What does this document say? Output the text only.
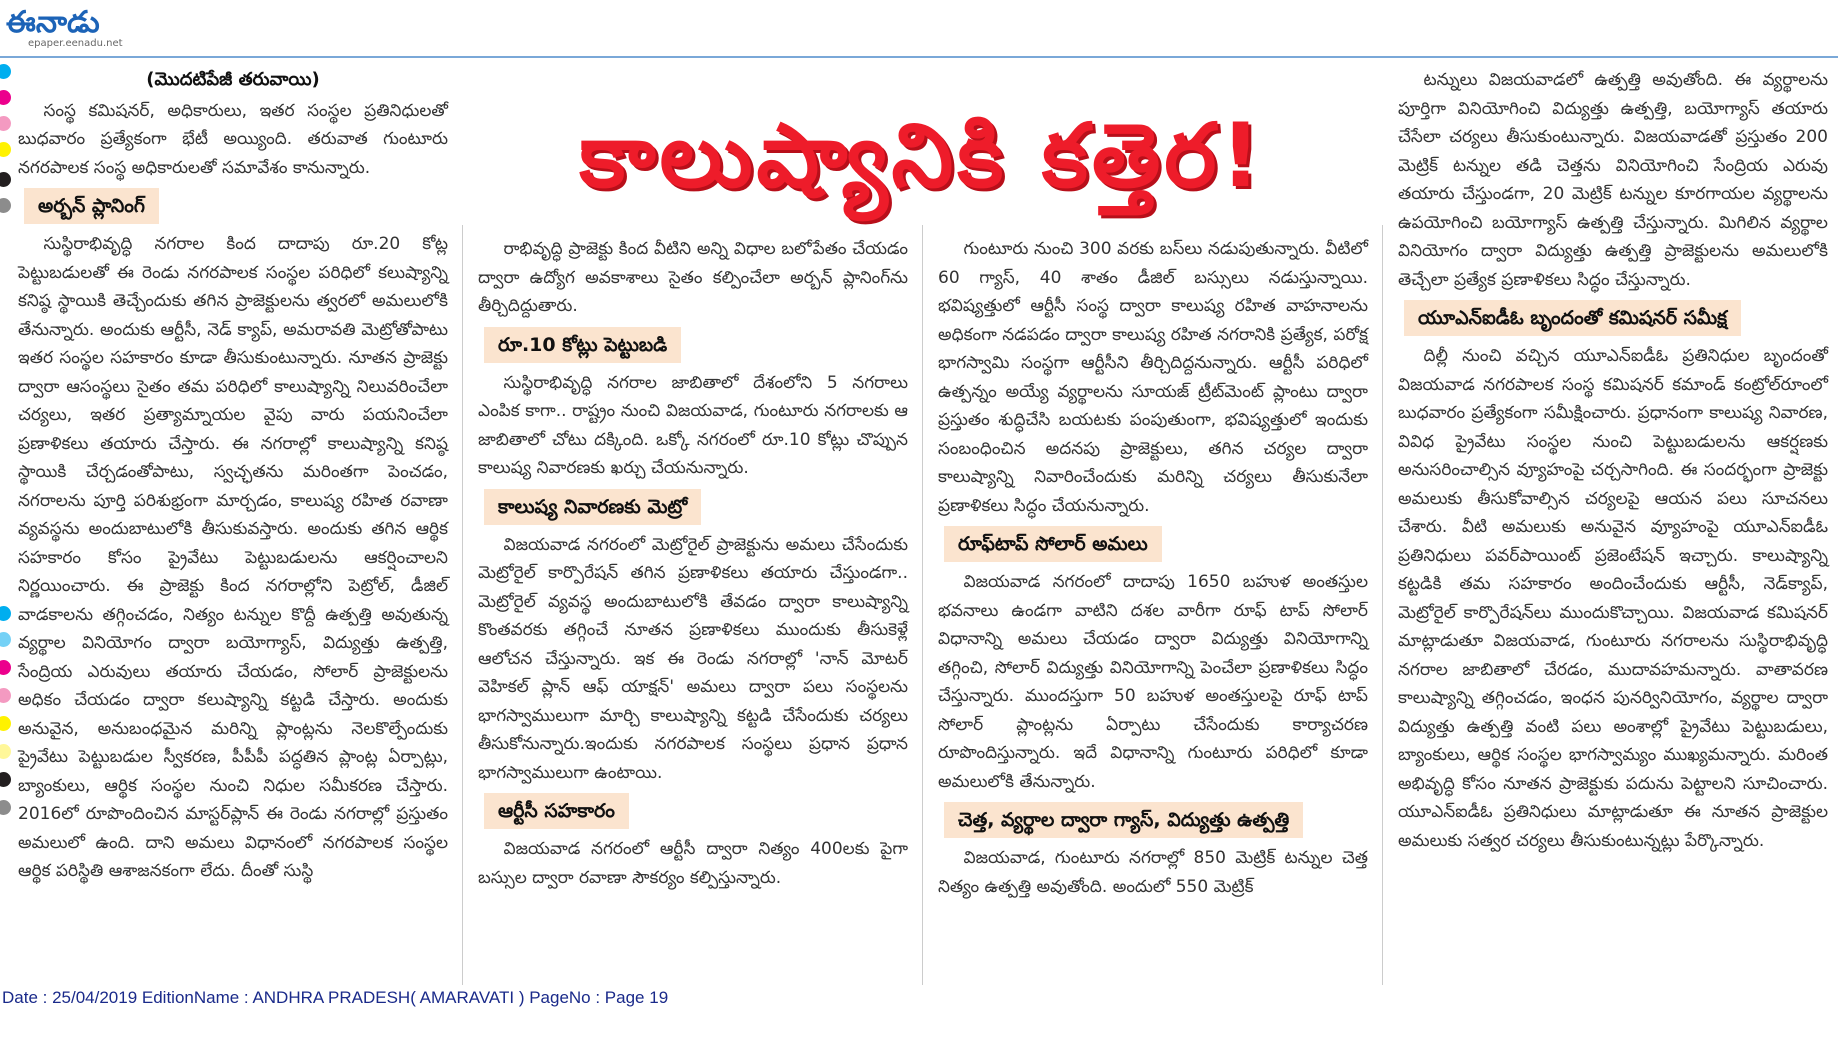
ఈనాడు
epaper.eenadu.net
కాలుష్యానికి కత్తెర!
(మొదటిపేజీ తరువాయి)

సంస్థ కమిషనర్, అధికారులు, ఇతర సంస్థల ప్రతినిధులతో బుధవారం ప్రత్యేకంగా భేటీ అయ్యింది. తరువాత గుంటూరు నగరపాలక సంస్థ అధికారులతో సమావేశం కానున్నారు.

అర్బన్ ప్లానింగ్

సుస్థిరాభివృద్ధి నగరాల కింద దాదాపు రూ.20 కోట్ల పెట్టుబడులతో ఈ రెండు నగరపాలక సంస్థల పరిధిలో కలుష్యాన్ని కనిష్ఠ స్థాయికి తెచ్చేందుకు తగిన ప్రాజెక్టులను త్వరలో అమలులోకి తేనున్నారు. అందుకు ఆర్టీసీ, నెడ్ క్యాప్, అమరావతి మెట్రోతోపాటు ఇతర సంస్థల సహకారం కూడా తీసుకుంటున్నారు. నూతన ప్రాజెక్టు ద్వారా ఆసంస్థలు సైతం తమ పరిధిలో కాలుష్యాన్ని నిలువరించేలా చర్యలు, ఇతర ప్రత్యామ్నాయల వైపు వారు పయనించేలా ప్రణాళికలు తయారు చేస్తారు. ఈ నగరాల్లో కాలుష్యాన్ని కనిష్ఠ స్థాయికి చేర్చడంతోపాటు, స్వచ్ఛతను మరింతగా పెంచడం, నగరాలను పూర్తి పరిశుభ్రంగా మార్చడం, కాలుష్య రహిత రవాణా వ్యవస్థను అందుబాటులోకి తీసుకువస్తారు. అందుకు తగిన ఆర్థిక సహకారం కోసం ప్రైవేటు పెట్టుబడులను ఆకర్షించాలని నిర్ణయించారు. ఈ ప్రాజెక్టు కింద నగరాల్లోని పెట్రోల్, డీజిల్ వాడకాలను తగ్గించడం, నిత్యం టన్నుల కొద్దీ ఉత్పత్తి అవుతున్న వ్యర్థాల వినియోగం ద్వారా బయోగ్యాస్, విద్యుత్తు ఉత్పత్తి, సేంద్రియ ఎరువులు తయారు చేయడం, సోలార్ ప్రాజెక్టులను అధికం చేయడం ద్వారా కలుష్యాన్ని కట్టడి చేస్తారు. అందుకు అనువైన, అనుబంధమైన మరిన్ని ప్లాంట్లను నెలకొల్పేందుకు ప్రైవేటు పెట్టుబడుల స్వీకరణ, పీపీపీ పద్ధతిన ప్లాంట్ల ఏర్పాట్లు, బ్యాంకులు, ఆర్థిక సంస్థల నుంచి నిధుల సమీకరణ చేస్తారు. 2016లో రూపొందించిన మాస్టర్‌ప్లాన్ ఈ రెండు నగరాల్లో ప్రస్తుతం అమలులో ఉంది. దాని అమలు విధానంలో నగరపాలక సంస్థల ఆర్థిక పరిస్థితి ఆశాజనకంగా లేదు. దీంతో సుస్థి

రాభివృద్ధి ప్రాజెక్టు కింద వీటిని అన్ని విధాల బలోపేతం చేయడం ద్వారా ఉద్యోగ అవకాశాలు సైతం కల్పించేలా అర్బన్ ప్లానింగ్‌ను తీర్చిదిద్దుతారు.

రూ.10 కోట్లు పెట్టుబడి

సుస్థిరాభివృద్ధి నగరాల జాబితాలో దేశంలోని 5 నగరాలు ఎంపిక కాగా.. రాష్ట్రం నుంచి విజయవాడ, గుంటూరు నగరాలకు ఆ జాబితాలో చోటు దక్కింది. ఒక్కో నగరంలో రూ.10 కోట్లు చొప్పున కాలుష్య నివారణకు ఖర్చు చేయనున్నారు.

కాలుష్య నివారణకు మెట్రో

విజయవాడ నగరంలో మెట్రోరైల్ ప్రాజెక్టును అమలు చేసేందుకు మెట్రోరైల్ కార్పొరేషన్ తగిన ప్రణాళికలు తయారు చేస్తుండగా.. మెట్రోరైల్ వ్యవస్థ అందుబాటులోకి తేవడం ద్వారా కాలుష్యాన్ని కొంతవరకు తగ్గించే నూతన ప్రణాళికలు ముందుకు తీసుకెళ్లే ఆలోచన చేస్తున్నారు. ఇక ఈ రెండు నగరాల్లో 'నాన్ మోటర్ వెహికల్ ప్లాన్ ఆఫ్ యాక్షన్' అమలు ద్వారా పలు సంస్థలను భాగస్వాములుగా మార్చి కాలుష్యాన్ని కట్టడి చేసేందుకు చర్యలు తీసుకోనున్నారు.ఇందుకు నగరపాలక సంస్థలు ప్రధాన ప్రధాన భాగస్వాములుగా ఉంటాయి.

ఆర్టీసీ సహకారం

విజయవాడ నగరంలో ఆర్టీసీ ద్వారా నిత్యం 400లకు పైగా బస్సుల ద్వారా రవాణా సౌకర్యం కల్పిస్తున్నారు.

గుంటూరు నుంచి 300 వరకు బస్‌లు నడుపుతున్నారు. వీటిలో 60 గ్యాస్, 40 శాతం డీజిల్ బస్సులు నడుస్తున్నాయి. భవిష్యత్తులో ఆర్టీసీ సంస్థ ద్వారా కాలుష్య రహిత వాహనాలను అధికంగా నడపడం ద్వారా కాలుష్య రహిత నగరానికి ప్రత్యేక, పరోక్ష భాగస్వామి సంస్థగా ఆర్టీసీని తీర్చిదిద్దనున్నారు. ఆర్టీసీ పరిధిలో ఉత్పన్నం అయ్యే వ్యర్థాలను సూయజ్ ట్రీట్‌మెంట్ ప్లాంటు ద్వారా ప్రస్తుతం శుద్ధిచేసి బయటకు పంపుతుంగా, భవిష్యత్తులో ఇందుకు సంబంధించిన అదనపు ప్రాజెక్టులు, తగిన చర్యల ద్వారా కాలుష్యాన్ని నివారించేందుకు మరిన్ని చర్యలు తీసుకునేలా ప్రణాళికలు సిద్ధం చేయనున్నారు.

రూఫ్‌టాప్ సోలార్ అమలు

విజయవాడ నగరంలో దాదాపు 1650 బహుళ అంతస్తుల భవనాలు ఉండగా వాటిని దశల వారీగా రూఫ్ టాప్ సోలార్ విధానాన్ని అమలు చేయడం ద్వారా విద్యుత్తు వినియోగాన్ని తగ్గించి, సోలార్ విద్యుత్తు వినియోగాన్ని పెంచేలా ప్రణాళికలు సిద్ధం చేస్తున్నారు. ముందస్తుగా 50 బహుళ అంతస్తులపై రూఫ్ టాప్ సోలార్ ప్లాంట్లను ఏర్పాటు చేసేందుకు కార్యాచరణ రూపొందిస్తున్నారు. ఇదే విధానాన్ని గుంటూరు పరిధిలో కూడా అమలులోకి తేనున్నారు.

చెత్త, వ్యర్థాల ద్వారా గ్యాస్, విద్యుత్తు ఉత్పత్తి

విజయవాడ, గుంటూరు నగరాల్లో 850 మెట్రిక్ టన్నుల చెత్త నిత్యం ఉత్పత్తి అవుతోంది. అందులో 550 మెట్రిక్

టన్నులు విజయవాడలో ఉత్పత్తి అవుతోంది. ఈ వ్యర్థాలను పూర్తిగా వినియోగించి విద్యుత్తు ఉత్పత్తి, బయోగ్యాస్ తయారు చేసేలా చర్యలు తీసుకుంటున్నారు. విజయవాడతో ప్రస్తుతం 200 మెట్రిక్ టన్నుల తడి చెత్తను వినియోగించి సేంద్రియ ఎరువు తయారు చేస్తుండగా, 20 మెట్రిక్ టన్నుల కూరగాయల వ్యర్థాలను ఉపయోగించి బయోగ్యాస్ ఉత్పత్తి చేస్తున్నారు. మిగిలిన వ్యర్థాల వినియోగం ద్వారా విద్యుత్తు ఉత్పత్తి ప్రాజెక్టులను అమలులోకి తెచ్చేలా ప్రత్యేక ప్రణాళికలు సిద్ధం చేస్తున్నారు.

యూఎన్‌ఐడీఓ బృందంతో కమిషనర్ సమీక్ష

దిల్లీ నుంచి వచ్చిన యూఎన్‌ఐడీఓ ప్రతినిధుల బృందంతో విజయవాడ నగరపాలక సంస్థ కమిషనర్ కమాండ్ కంట్రోల్‌రూంలో బుధవారం ప్రత్యేకంగా సమీక్షించారు. ప్రధానంగా కాలుష్య నివారణ, వివిధ ప్రైవేటు సంస్థల నుంచి పెట్టుబడులను ఆకర్షణకు అనుసరించాల్సిన వ్యూహంపై చర్చసాగింది. ఈ సందర్భంగా ప్రాజెక్టు అమలుకు తీసుకోవాల్సిన చర్యలపై ఆయన పలు సూచనలు చేశారు. వీటి అమలుకు అనువైన వ్యూహంపై యూఎన్‌ఐడీఓ ప్రతినిధులు పవర్‌పాయింట్ ప్రజెంటేషన్ ఇచ్చారు. కాలుష్యాన్ని కట్టడికి తమ సహకారం అందించేందుకు ఆర్టీసీ, నెడ్‌క్యాప్, మెట్రోరైల్ కార్పొరేషన్‌లు ముందుకొచ్చాయి. విజయవాడ కమిషనర్ మాట్లాడుతూ విజయవాడ, గుంటూరు నగరాలను సుస్థిరాభివృద్ధి నగరాల జాబితాలో చేరడం, ముదావహమన్నారు. వాతావరణ కాలుష్యాన్ని తగ్గించడం, ఇంధన పునర్వినియోగం, వ్యర్థాల ద్వారా విద్యుత్తు ఉత్పత్తి వంటి పలు అంశాల్లో ప్రైవేటు పెట్టుబడులు, బ్యాంకులు, ఆర్థిక సంస్థల భాగస్వామ్యం ముఖ్యమన్నారు. మరింత అభివృద్ధి కోసం నూతన ప్రాజెక్టుకు పదును పెట్టాలని సూచించారు. యూఎన్‌ఐడీఓ ప్రతినిధులు మాట్లాడుతూ ఈ నూతన ప్రాజెక్టుల అమలుకు సత్వర చర్యలు తీసుకుంటున్నట్లు పేర్కొన్నారు.

Date : 25/04/2019 EditionName : ANDHRA PRADESH( AMARAVATI ) PageNo : Page 19
